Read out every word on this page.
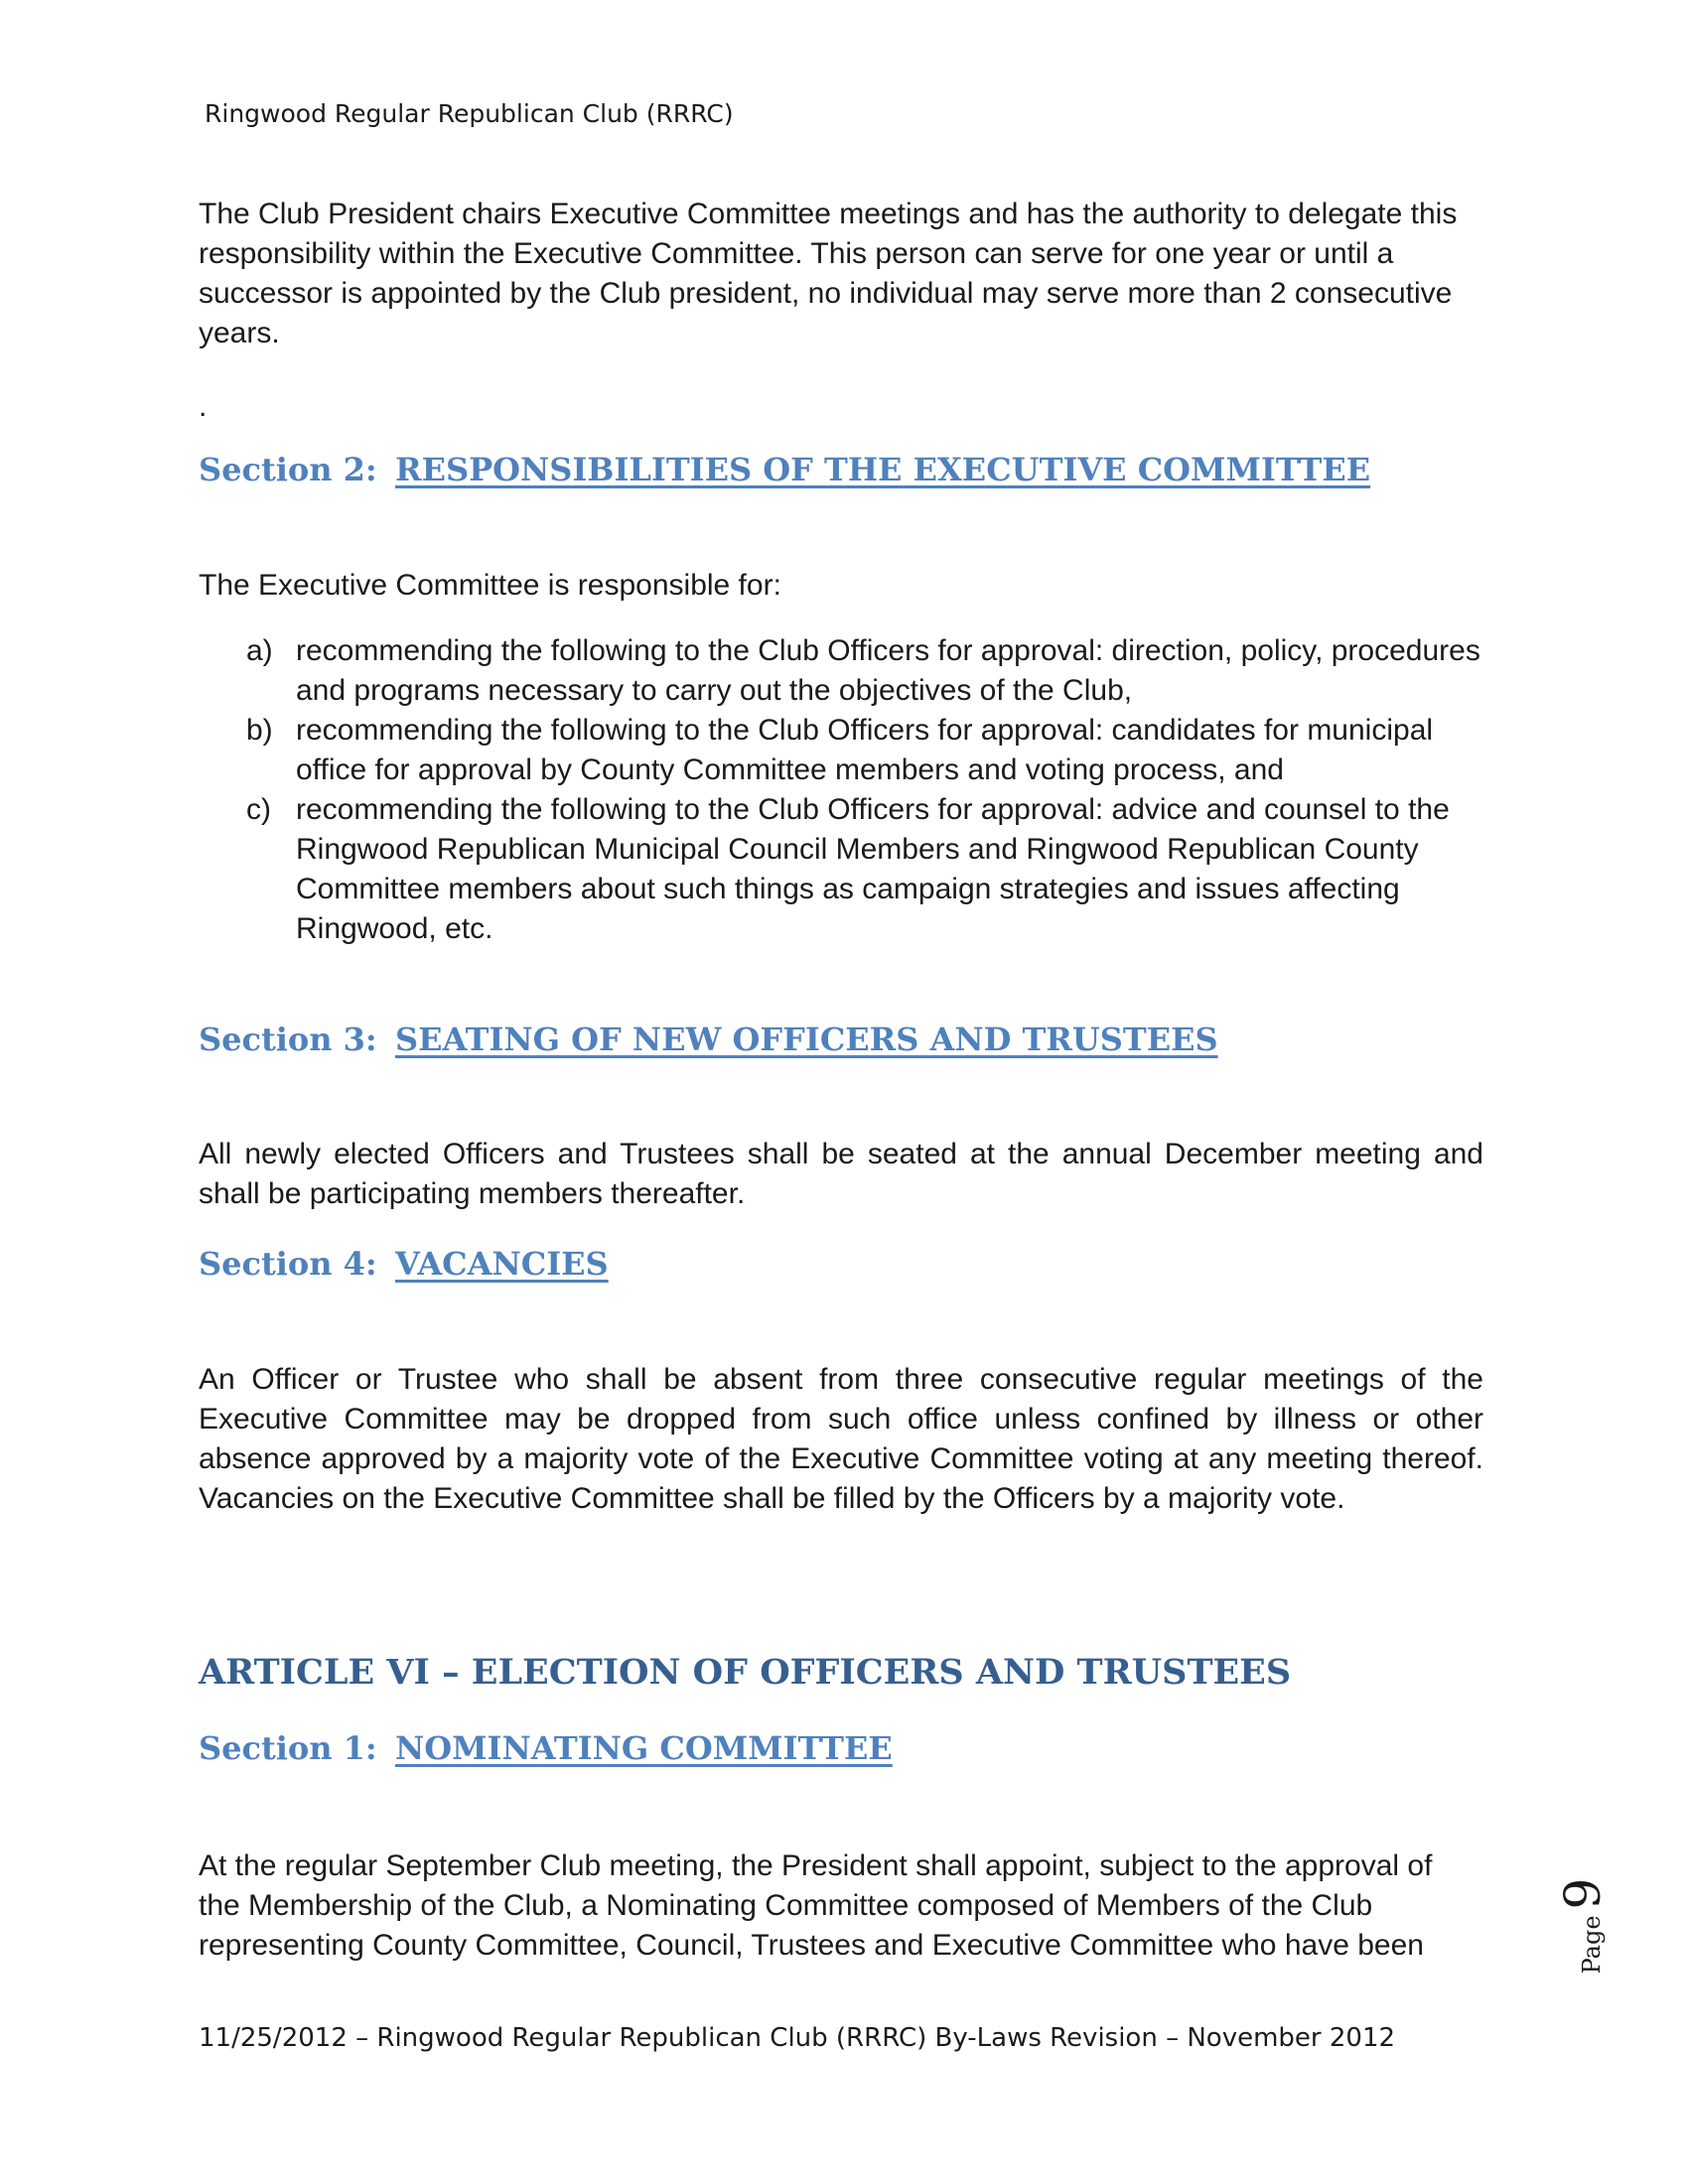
Ringwood Regular Republican Club (RRRC)

The Club President chairs Executive Committee meetings and has the authority to delegate this responsibility within the Executive Committee. This person can serve for one year or until a successor is appointed by the Club president, no individual may serve more than 2 consecutive years.

.

Section 2: RESPONSIBILITIES OF THE EXECUTIVE COMMITTEE

The Executive Committee is responsible for:

a) recommending the following to the Club Officers for approval: direction, policy, procedures and programs necessary to carry out the objectives of the Club,
b) recommending the following to the Club Officers for approval: candidates for municipal office for approval by County Committee members and voting process, and
c) recommending the following to the Club Officers for approval: advice and counsel to the Ringwood Republican Municipal Council Members and Ringwood Republican County Committee members about such things as campaign strategies and issues affecting Ringwood, etc.
Section 3: SEATING OF NEW OFFICERS AND TRUSTEES

All newly elected Officers and Trustees shall be seated at the annual December meeting and shall be participating members thereafter.

Section 4: VACANCIES

An Officer or Trustee who shall be absent from three consecutive regular meetings of the Executive Committee may be dropped from such office unless confined by illness or other absence approved by a majority vote of the Executive Committee voting at any meeting thereof. Vacancies on the Executive Committee shall be filled by the Officers by a majority vote.

ARTICLE VI – ELECTION OF OFFICERS AND TRUSTEES
Section 1: NOMINATING COMMITTEE

At the regular September Club meeting, the President shall appoint, subject to the approval of the Membership of the Club, a Nominating Committee composed of Members of the Club representing County Committee, Council, Trustees and Executive Committee who have been	Page
9
11/25/2012 – Ringwood Regular Republican Club (RRRC) By-Laws Revision – November 2012
